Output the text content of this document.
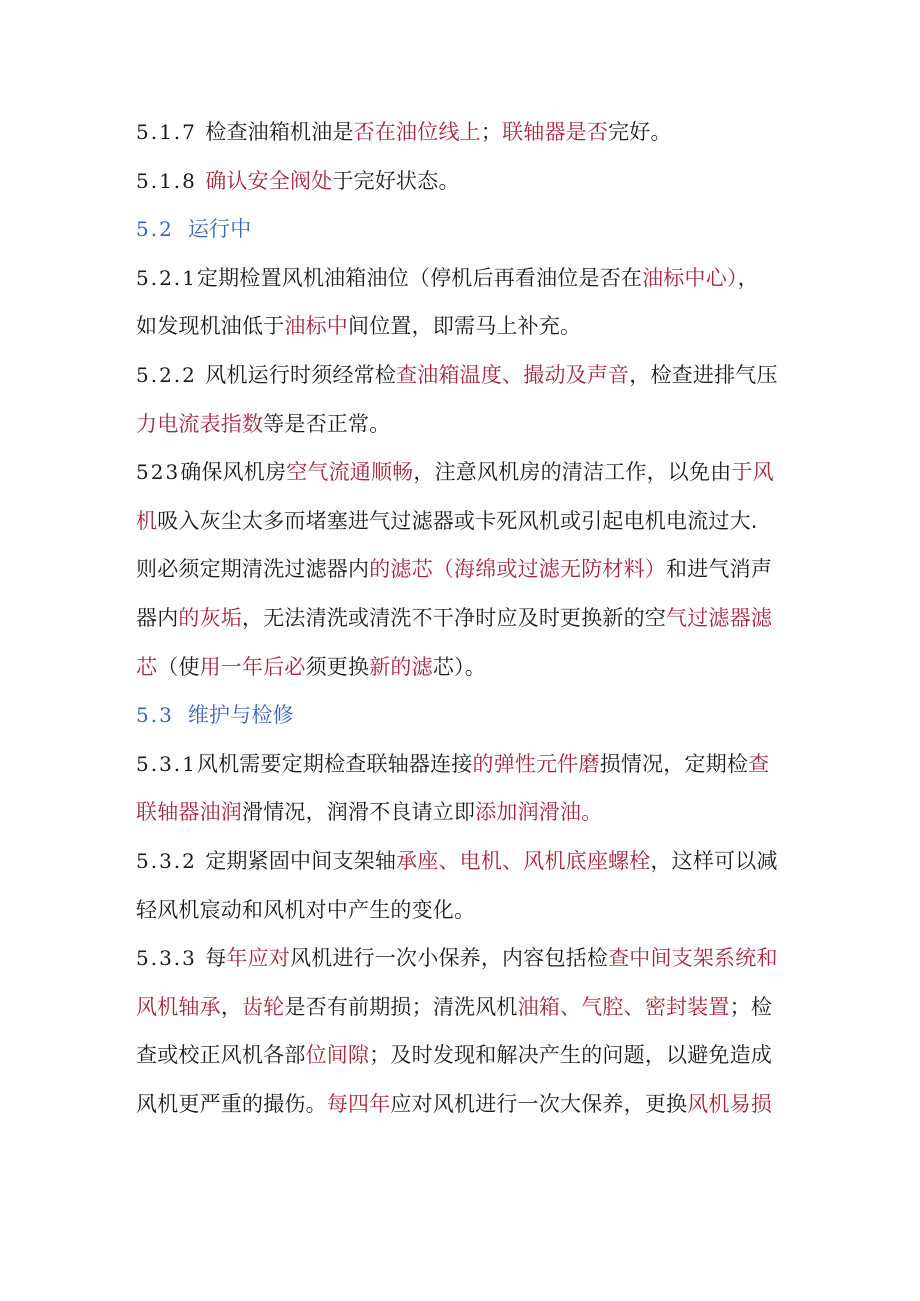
5.1.7 检查油箱机油是否在油位线上；联轴器是否完好。
5.1.8 确认安全阀处于完好状态。
5.2 运行中
5.2.1定期检置风机油箱油位（停机后再看油位是否在油标中心），
如发现机油低于油标中间位置，即需马上补充。
5.2.2 风机运行时须经常检查油箱温度、撮动及声音，检查进排气压
力电流表指数等是否正常。
523确保风机房空气流通顺畅，注意风机房的清洁工作，以免由于风
机吸入灰尘太多而堵塞进气过滤器或卡死风机或引起电机电流过大.
则必须定期清洗过滤器内的滤芯（海绵或过滤无防材料）和进气消声
器内的灰垢，无法清洗或清洗不干净时应及时更换新的空气过滤器滤
芯（使用一年后必须更换新的滤芯）。
5.3 维护与检修
5.3.1风机需要定期检查联轴器连接的弹性元件磨损情况，定期检查
联轴器油润滑情况，润滑不良请立即添加润滑油。
5.3.2 定期紧固中间支架轴承座、电机、风机底座螺栓，这样可以减
轻风机宸动和风机对中产生的变化。
5.3.3 每年应对风机进行一次小保养，内容包括检查中间支架系统和
风机轴承，齿轮是否有前期损；清洗风机油箱、气腔、密封装置；检
查或校正风机各部位间隙；及时发现和解决产生的问题，以避免造成
风机更严重的撮伤。每四年应对风机进行一次大保养，更换风机易损
